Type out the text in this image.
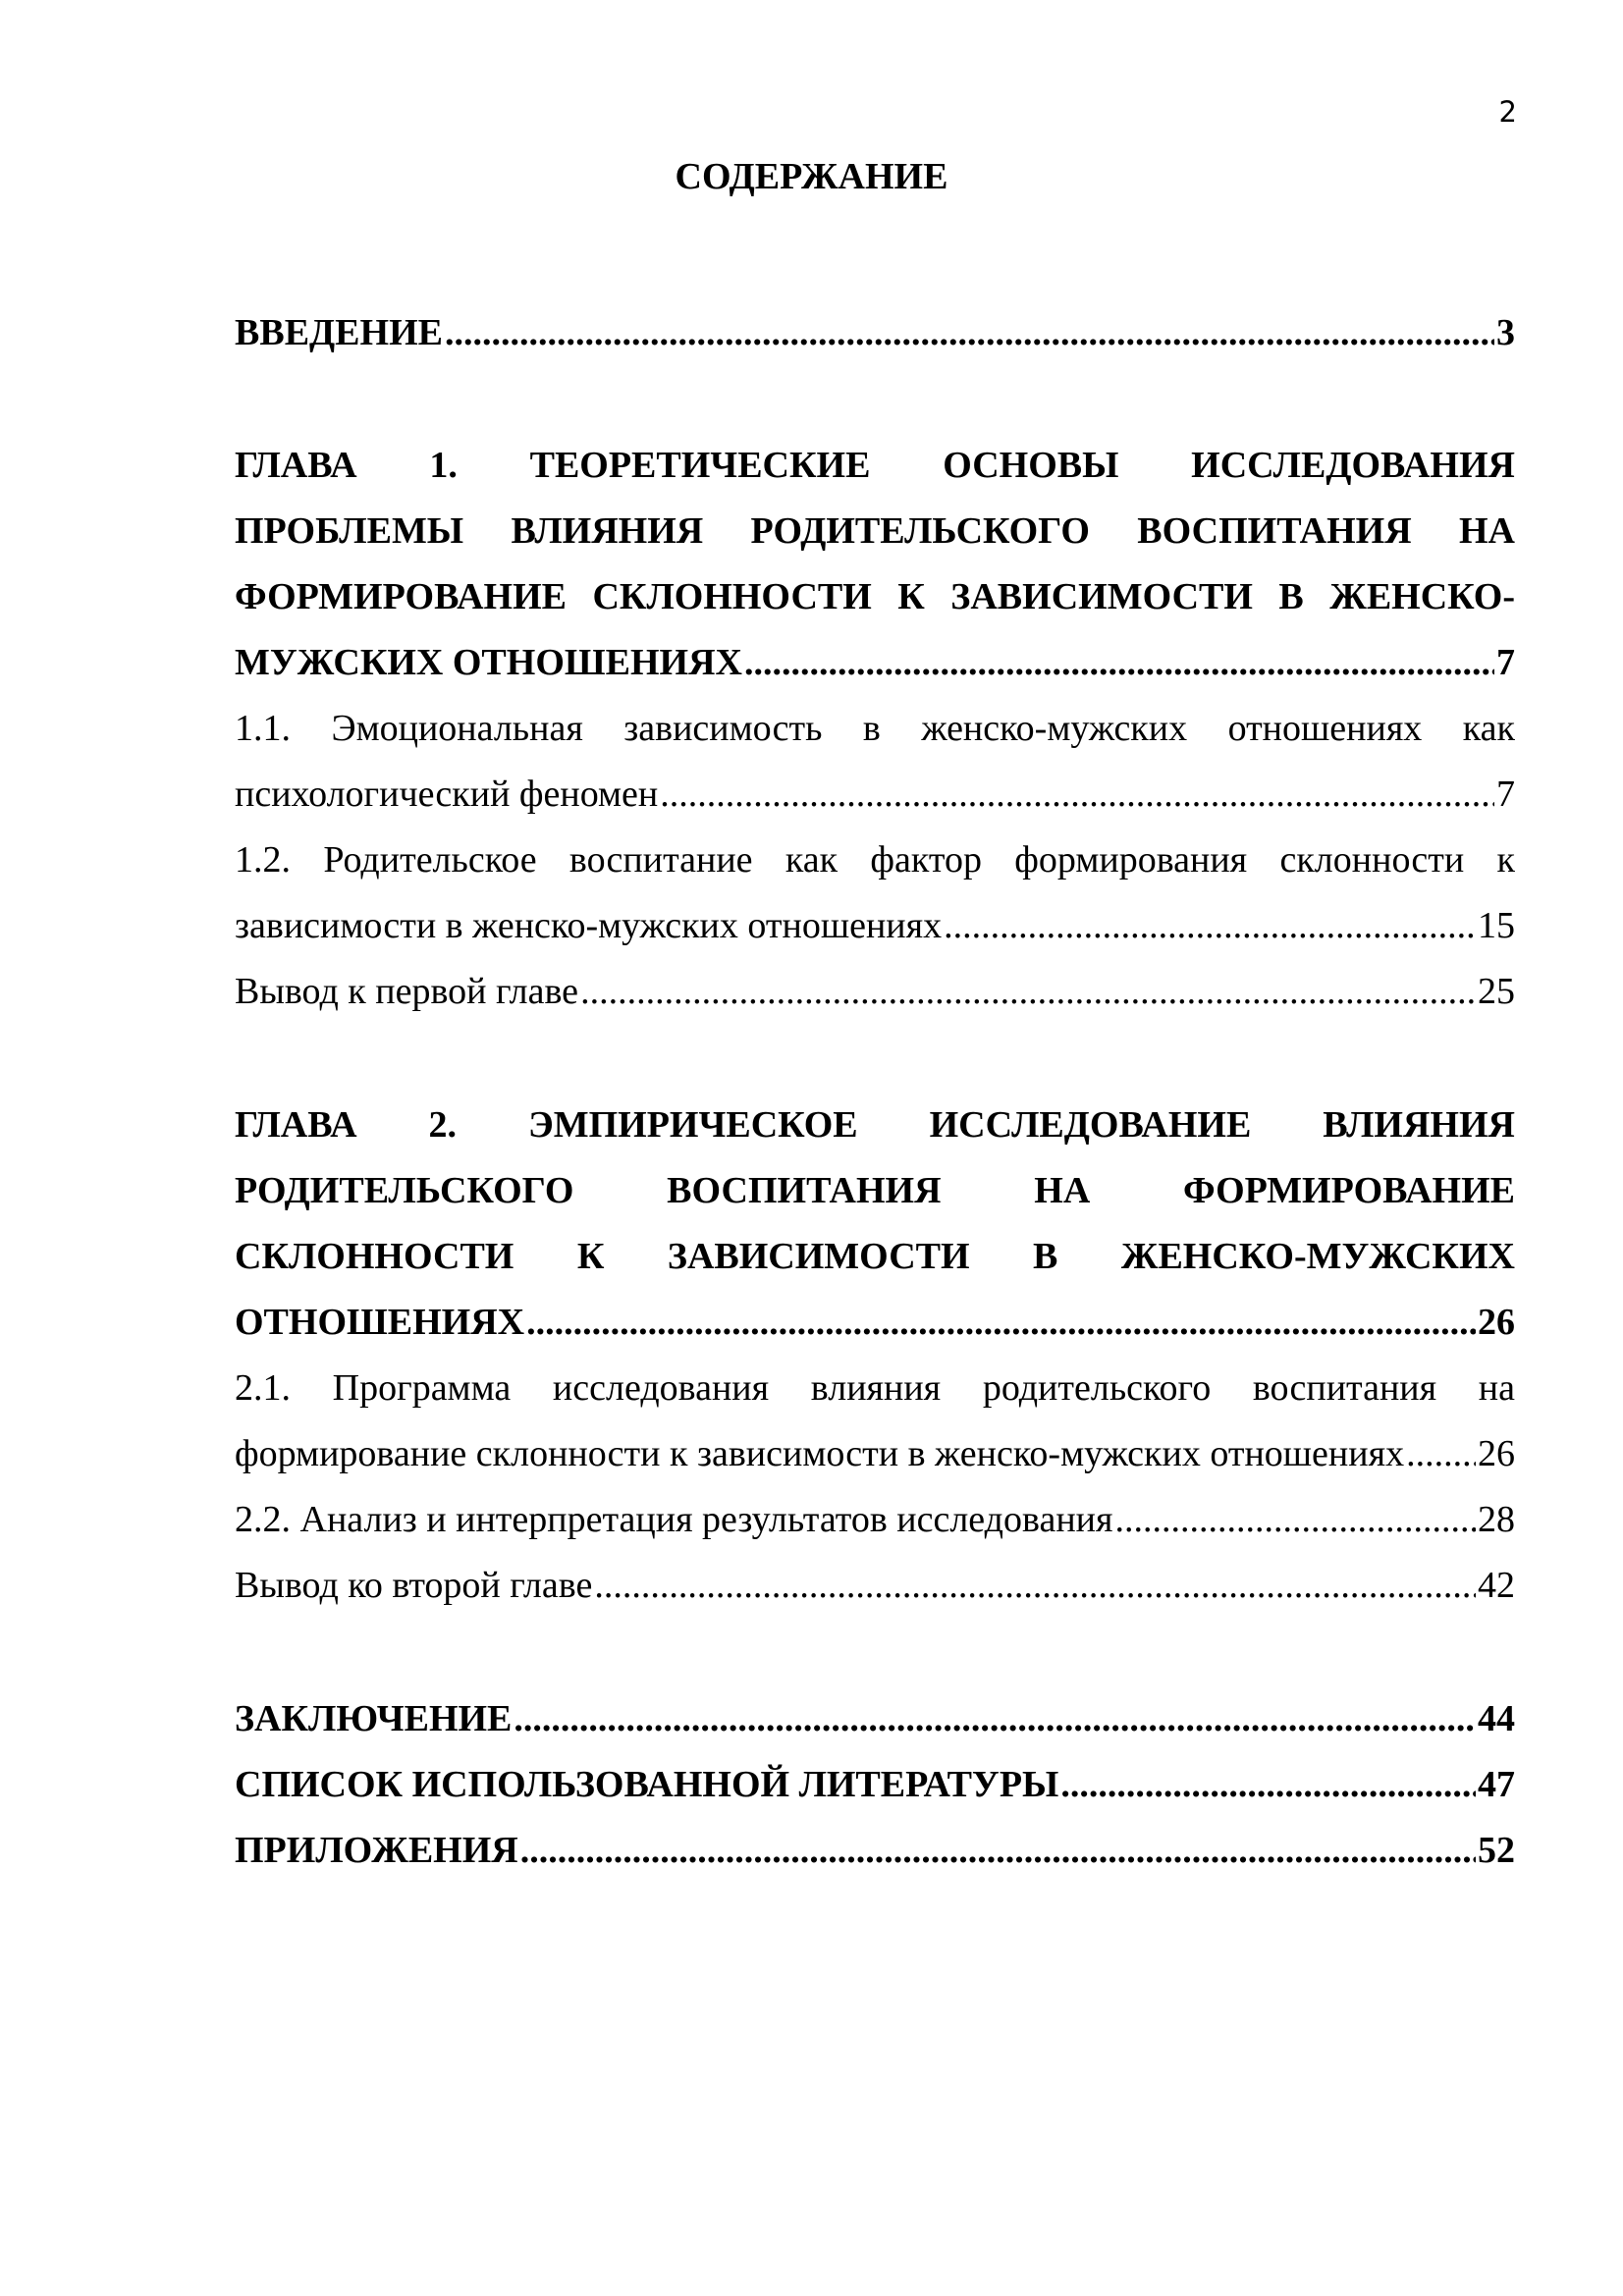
2
СОДЕРЖАНИЕ
ВВЕДЕНИЕ .....	3
ГЛАВА 1. ТЕОРЕТИЧЕСКИЕ ОСНОВЫ ИССЛЕДОВАНИЯ
ПРОБЛЕМЫ ВЛИЯНИЯ РОДИТЕЛЬСКОГО ВОСПИТАНИЯ НА
ФОРМИРОВАНИЕ СКЛОННОСТИ К ЗАВИСИМОСТИ В ЖЕНСКО-
МУЖСКИХ ОТНОШЕНИЯХ .....	7
1.1. Эмоциональная зависимость в женско-мужских отношениях как
психологический феномен .....	7
1.2. Родительское воспитание как фактор формирования склонности к
зависимости в женско-мужских отношениях .....	15
Вывод к первой главе .....	25
ГЛАВА 2. ЭМПИРИЧЕСКОЕ ИССЛЕДОВАНИЕ ВЛИЯНИЯ
РОДИТЕЛЬСКОГО ВОСПИТАНИЯ НА ФОРМИРОВАНИЕ
СКЛОННОСТИ К ЗАВИСИМОСТИ В ЖЕНСКО-МУЖСКИХ
ОТНОШЕНИЯХ .....	26
2.1. Программа исследования влияния родительского воспитания на
формирование склонности к зависимости в женско-мужских отношениях ..... 26
2.2. Анализ и интерпретация результатов исследования .....	28
Вывод ко второй главе .....	42
ЗАКЛЮЧЕНИЕ .....	44
СПИСОК ИСПОЛЬЗОВАННОЙ ЛИТЕРАТУРЫ .....	47
ПРИЛОЖЕНИЯ .....	52
